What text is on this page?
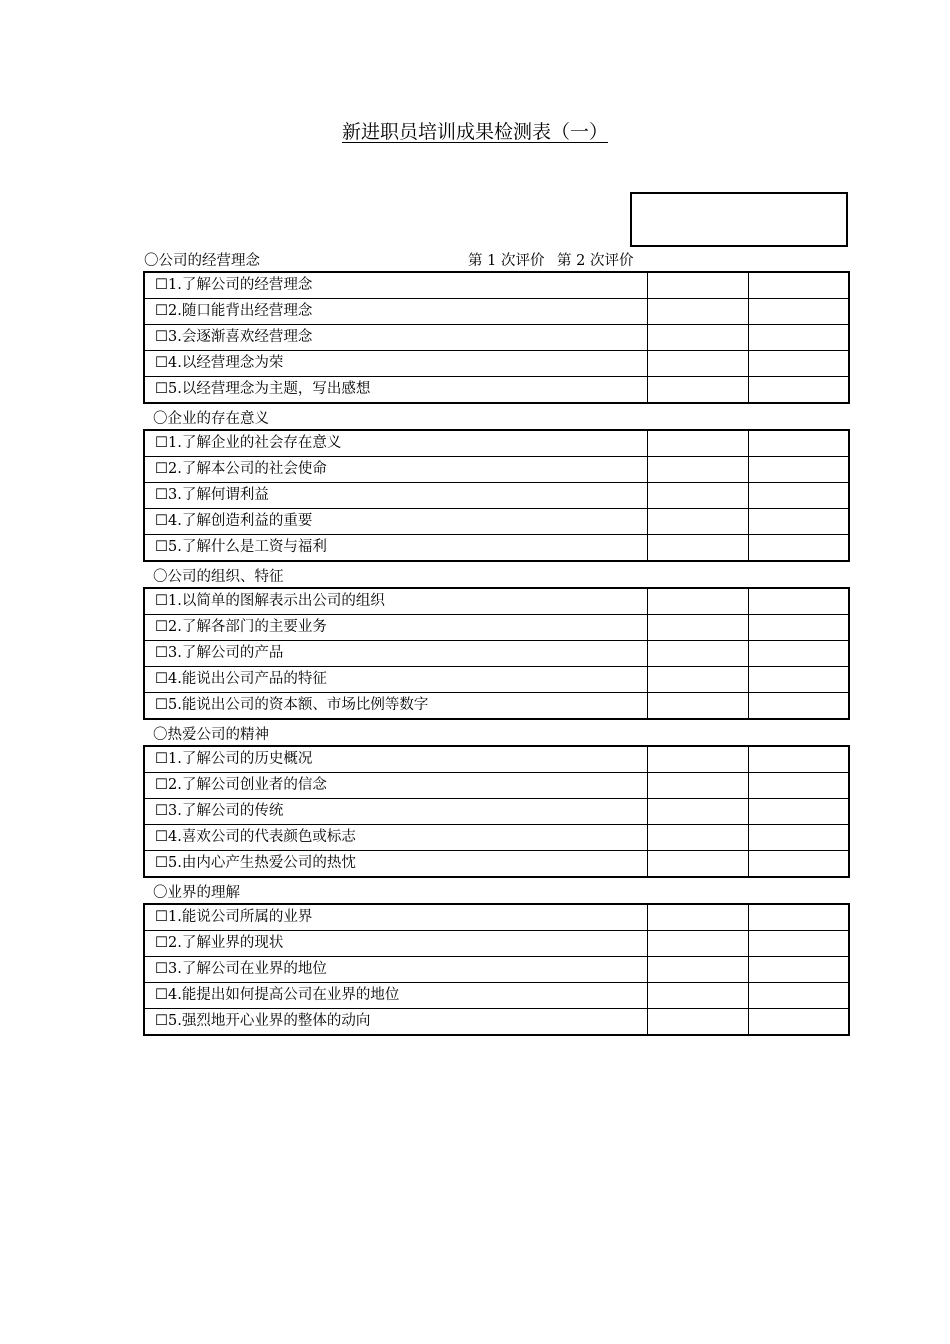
新进职员培训成果检测表（一）
〇公司的经营理念	第 1 次评价 第 2 次评价
☐1.了解公司的经营理念		
☐2.随口能背出经营理念		
☐3.会逐渐喜欢经营理念		
☐4.以经营理念为荣		
☐5.以经营理念为主题，写出感想		
〇企业的存在意义
☐1.了解企业的社会存在意义		
☐2.了解本公司的社会使命		
☐3.了解何谓利益		
☐4.了解创造利益的重要		
☐5.了解什么是工资与福利		
〇公司的组织、特征
☐1.以简单的图解表示出公司的组织		
☐2.了解各部门的主要业务		
☐3.了解公司的产品		
☐4.能说出公司产品的特征		
☐5.能说出公司的资本额、市场比例等数字		
〇热爱公司的精神
☐1.了解公司的历史概况		
☐2.了解公司创业者的信念		
☐3.了解公司的传统		
☐4.喜欢公司的代表颜色或标志		
☐5.由内心产生热爱公司的热忱		
〇业界的理解
☐1.能说公司所属的业界		
☐2.了解业界的现状		
☐3.了解公司在业界的地位		
☐4.能提出如何提高公司在业界的地位		
☐5.强烈地开心业界的整体的动向		
